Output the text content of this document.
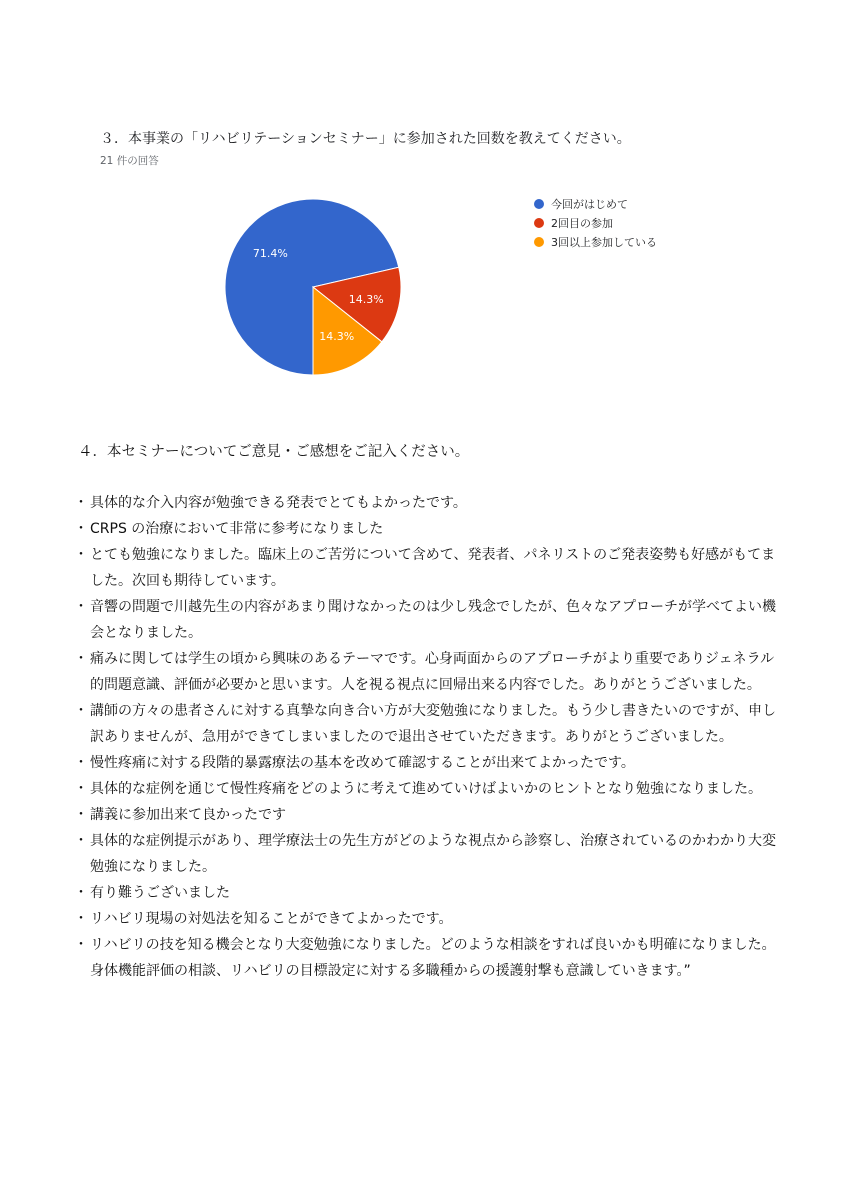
３．本事業の「リハビリテーションセミナー」に参加された回数を教えてください。
21 件の回答
71.4%
14.3%
14.3%
今回がはじめて
2回目の参加
3回以上参加している
４．本セミナーについてご意見・ご感想をご記入ください。
・ 具体的な介入内容が勉強できる発表でとてもよかったです。
・ CRPS の治療において非常に参考になりました
・ とても勉強になりました。臨床上のご苦労について含めて、発表者、パネリストのご発表姿勢も好感がもてました。次回も期待しています。
・ 音響の問題で川越先生の内容があまり聞けなかったのは少し残念でしたが、色々なアプローチが学べてよい機会となりました。
・ 痛みに関しては学生の頃から興味のあるテーマです。心身両面からのアプローチがより重要でありジェネラル的問題意識、評価が必要かと思います。人を視る視点に回帰出来る内容でした。ありがとうございました。
・ 講師の方々の患者さんに対する真摯な向き合い方が大変勉強になりました。もう少し書きたいのですが、申し訳ありませんが、急用ができてしまいましたので退出させていただきます。ありがとうございました。
・ 慢性疼痛に対する段階的暴露療法の基本を改めて確認することが出来てよかったです。
・ 具体的な症例を通じて慢性疼痛をどのように考えて進めていけばよいかのヒントとなり勉強になりました。
・ 講義に参加出来て良かったです
・ 具体的な症例提示があり、理学療法士の先生方がどのような視点から診察し、治療されているのかわかり大変勉強になりました。
・ 有り難うございました
・ リハビリ現場の対処法を知ることができてよかったです。
・ リハビリの技を知る機会となり大変勉強になりました。どのような相談をすれば良いかも明確になりました。身体機能評価の相談、リハビリの目標設定に対する多職種からの援護射撃も意識していきます。”
